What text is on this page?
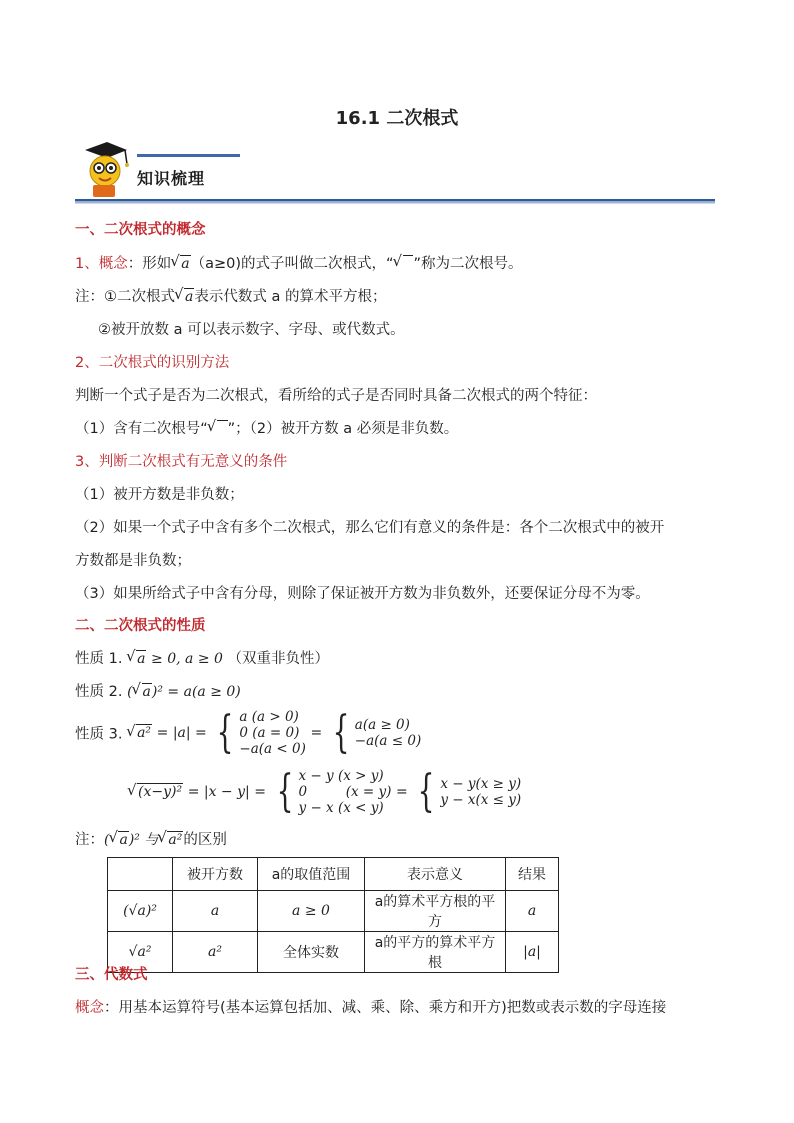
16.1 二次根式
知识梳理
一、二次根式的概念
1、概念：形如 √ a（a≥0)的式子叫做二次根式，“ √ ”称为二次根号。
注：①二次根式 √ a表示代数式 a 的算术平方根；
②被开放数 a 可以表示数字、字母、或代数式。
2、二次根式的识别方法
判断一个式子是否为二次根式，看所给的式子是否同时具备二次根式的两个特征：
（1）含有二次根号“ √ ”；（2）被开方数 a 必须是非负数。
3、判断二次根式有无意义的条件
（1）被开方数是非负数；
（2）如果一个式子中含有多个二次根式，那么它们有意义的条件是：各个二次根式中的被开
方数都是非负数；
（3）如果所给式子中含有分母，则除了保证被开方数为非负数外，还要保证分母不为零。
二、二次根式的性质
性质 1. √ a ≥ 0, a ≥ 0 （双重非负性）
性质 2. ( √ a)² = a(a ≥ 0)
性质 3. √ a² = |a| = { a (a > 0)
0 (a = 0)
−a(a < 0)
= { a(a ≥ 0)
−a(a ≤ 0)
√ (x−y)² = |x − y| = { x − y (x > y)
0         (x = y)
y − x (x < y)
= { x − y(x ≥ y)
y − x(x ≤ y)
注：( √ a)² 与 √ a²的区别
	被开方数	a的取值范围	表示意义	结果
(√a)²	a	a ≥ 0	a的算术平方根的平方	a
√a²	a²	全体实数	a的平方的算术平方根	|a|
三、代数式
概念：用基本运算符号(基本运算包括加、减、乘、除、乘方和开方)把数或表示数的字母连接
